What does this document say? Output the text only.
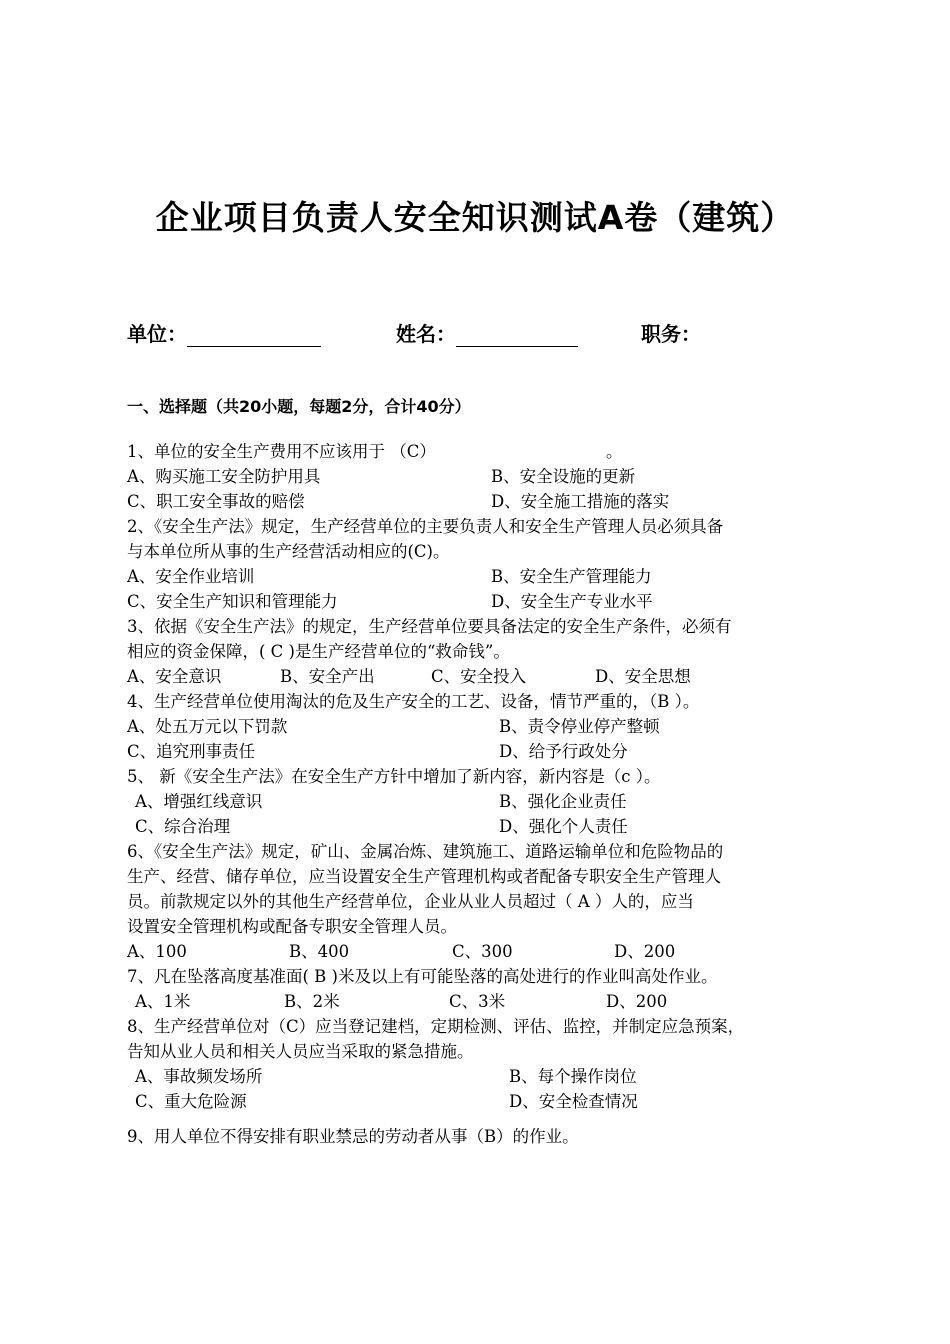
企业项目负责人安全知识测试A卷（建筑）
单位：	姓名：	职务：
一、选择题（共20小题，每题2分，合计40分）
1、单位的安全生产费用不应该用于 （C）	。
A、购买施工安全防护用具	B、安全设施的更新
C、职工安全事故的赔偿	D、安全施工措施的落实
2、《安全生产法》规定，生产经营单位的主要负责人和安全生产管理人员必须具备
与本单位所从事的生产经营活动相应的(C)。
A、安全作业培训	B、安全生产管理能力
C、安全生产知识和管理能力	D、安全生产专业水平
3、依据《安全生产法》的规定，生产经营单位要具备法定的安全生产条件，必须有
相应的资金保障，( C )是生产经营单位的“救命钱”。
A、安全意识	B、安全产出	C、安全投入	D、安全思想
4、生产经营单位使用淘汰的危及生产安全的工艺、设备，情节严重的，（B ）。
A、处五万元以下罚款	B、责令停业停产整顿
C、追究刑事责任	D、给予行政处分
5、 新《安全生产法》在安全生产方针中增加了新内容，新内容是（c ）。
A、增强红线意识	B、强化企业责任
C、综合治理	D、强化个人责任
6、《安全生产法》规定，矿山、金属冶炼、建筑施工、道路运输单位和危险物品的
生产、经营、储存单位，应当设置安全生产管理机构或者配备专职安全生产管理人
员。前款规定以外的其他生产经营单位，企业从业人员超过（ A ）人的，应当
设置安全管理机构或配备专职安全管理人员。
A、100	B、400	C、300	D、200
7、凡在坠落高度基准面( B )米及以上有可能坠落的高处进行的作业叫高处作业。
A、1米	B、2米	C、3米	D、200
8、生产经营单位对（C）应当登记建档，定期检测、评估、监控，并制定应急预案，
告知从业人员和相关人员应当采取的紧急措施。
A、事故频发场所	B、每个操作岗位
C、重大危险源	D、安全检查情况
9、用人单位不得安排有职业禁忌的劳动者从事（B）的作业。
